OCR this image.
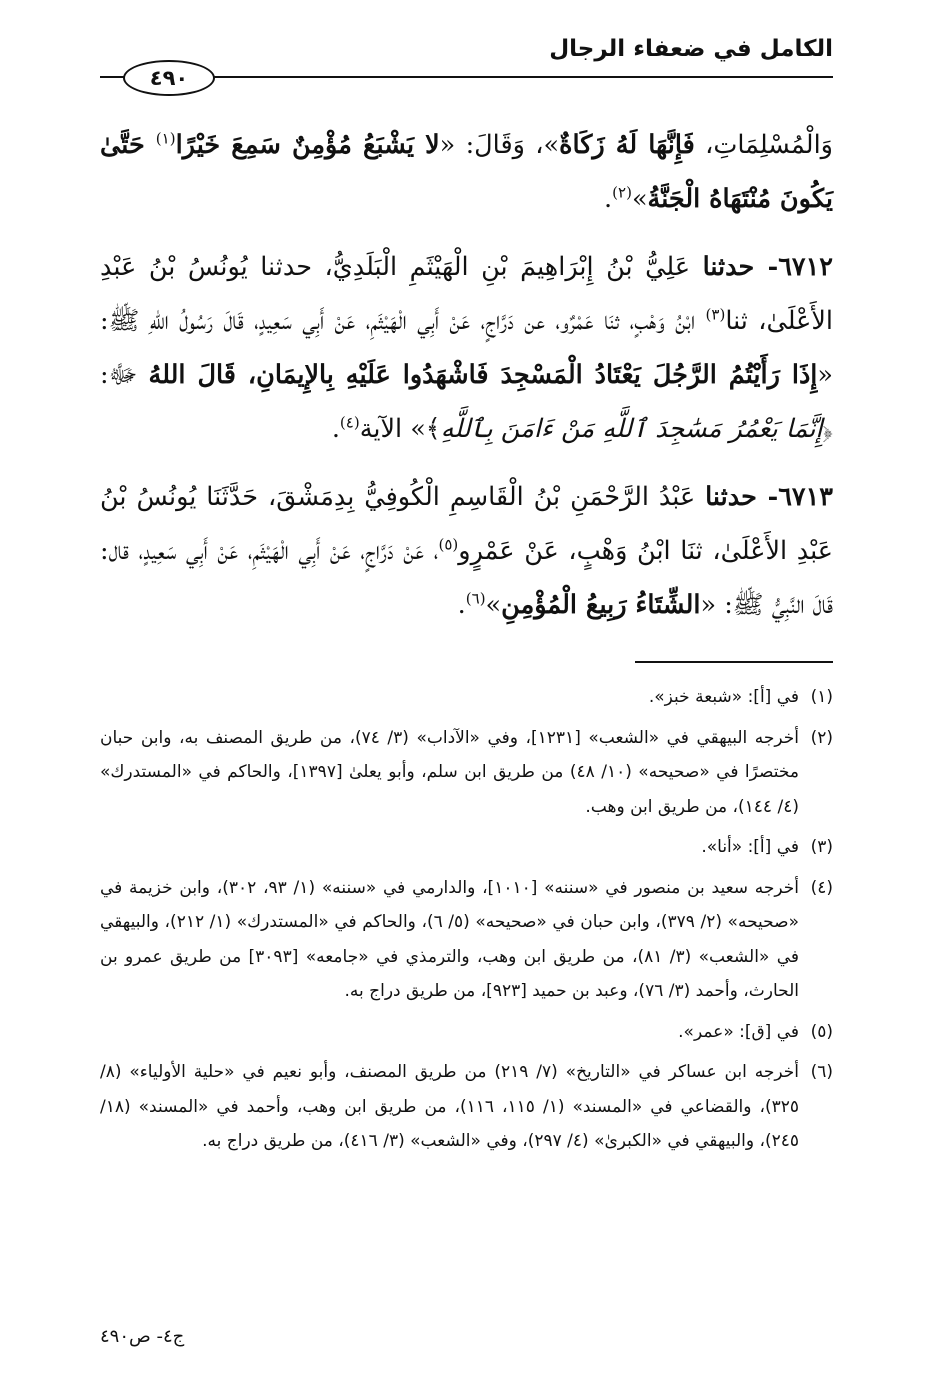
الكامل في ضعفاء الرجال
٤٩٠

وَالْمُسْلِمَاتِ، فَإِنَّهَا لَهُ زَكَاةٌ»، وَقَالَ: «لا يَشْبَعُ مُؤْمِنٌ سَمِعَ خَيْرًا$^{(١)}$ حَتَّىٰ يَكُونَ مُنْتَهَاهُ الْجَنَّةُ»$^{(٢)}$.

٦٧١٢- حدثنا عَلِيُّ بْنُ إِبْرَاهِيمَ بْنِ الْهَيْثَمِ الْبَلَدِيُّ، حدثنا يُونُسُ بْنُ عَبْدِ الأَعْلَىٰ، ثنا$^{(٣)}$ ابْنُ وَهْبٍ، ثنَا عَمْرٌو، عن دَرَّاجٍ، عَنْ أَبِي الْهَيْثَمِ، عَنْ أَبِي سَعِيدٍ، قَالَ رَسُولُ اللهِ ﷺ: «إِذَا رَأَيْتُمُ الرَّجُلَ يَعْتَادُ الْمَسْجِدَ فَاشْهَدُوا عَلَيْهِ بِالإِيمَانِ، قَالَ اللهُ ﷻ: ﴿إِنَّمَا يَعْمُرُ مَسَٰجِدَ ٱللَّهِ مَنْ ءَامَنَ بِٱللَّهِ﴾» الآية$^{(٤)}$.

٦٧١٣- حدثنا عَبْدُ الرَّحْمَنِ بْنُ الْقَاسِمِ الْكُوفِيُّ بِدِمَشْقَ، حَدَّثَنَا يُونُسُ بْنُ عَبْدِ الأَعْلَىٰ، ثنَا ابْنُ وَهْبٍ، عَنْ عَمْرٍو$^{(٥)}$، عَنْ دَرَّاجٍ، عَنْ أَبِي الْهَيْثَمِ، عَنْ أَبِي سَعِيدٍ، قال: قَالَ النَّبِيُّ ﷺ: «الشِّتَاءُ رَبِيعُ الْمُؤْمِنِ»$^{(٦)}$.

(١)
في [أ]: «شبعة خبز».
(٢)
أخرجه البيهقي في «الشعب» [١٢٣١]، وفي «الآداب» (٣/ ٧٤)، من طريق المصنف به، وابن حبان مختصرًا في «صحيحه» (١٠/ ٤٨) من طريق ابن سلم، وأبو يعلىٰ [١٣٩٧]، والحاكم في «المستدرك» (٤/ ١٤٤)، من طريق ابن وهب.
(٣)
في [أ]: «أنا».
(٤)
أخرجه سعيد بن منصور في «سننه» [١٠١٠]، والدارمي في «سننه» (١/ ٩٣، ٣٠٢)، وابن خزيمة في «صحيحه» (٢/ ٣٧٩)، وابن حبان في «صحيحه» (٥/ ٦)، والحاكم في «المستدرك» (١/ ٢١٢)، والبيهقي في «الشعب» (٣/ ٨١)، من طريق ابن وهب، والترمذي في «جامعه» [٣٠٩٣] من طريق عمرو بن الحارث، وأحمد (٣/ ٧٦)، وعبد بن حميد [٩٢٣]، من طريق دراج به.
(٥)
في [ق]: «عمر».
(٦)
أخرجه ابن عساكر في «التاريخ» (٧/ ٢١٩) من طريق المصنف، وأبو نعيم في «حلية الأولياء» (٨/ ٣٢٥)، والقضاعي في «المسند» (١/ ١١٥، ١١٦)، من طريق ابن وهب، وأحمد في «المسند» (١٨/ ٢٤٥)، والبيهقي في «الكبرىٰ» (٤/ ٢٩٧)، وفي «الشعب» (٣/ ٤١٦)، من طريق دراج به.
ج٤- ص٤٩٠
